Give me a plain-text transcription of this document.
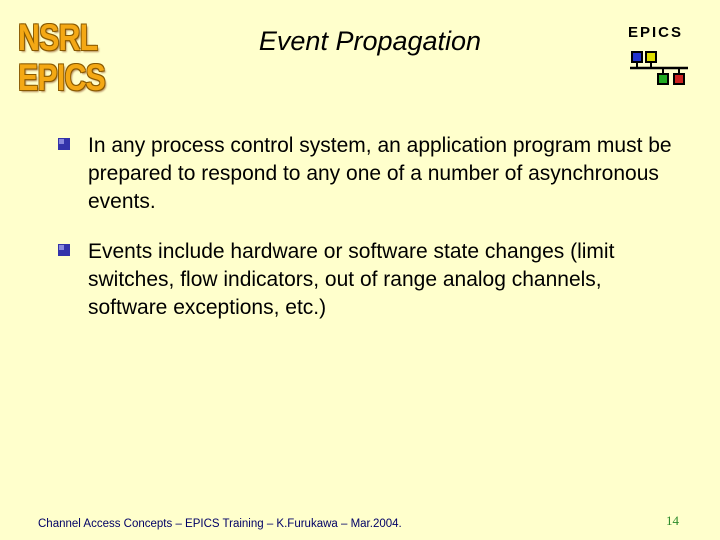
NSRL
EPICS
Event Propagation	EPICS
In any process control system, an application program must be prepared to respond to any one of a number of asynchronous events.
Events include hardware or software state changes (limit switches, flow indicators, out of range analog channels, software exceptions, etc.)
Channel Access Concepts – EPICS Training – K.Furukawa – Mar.2004.	14
